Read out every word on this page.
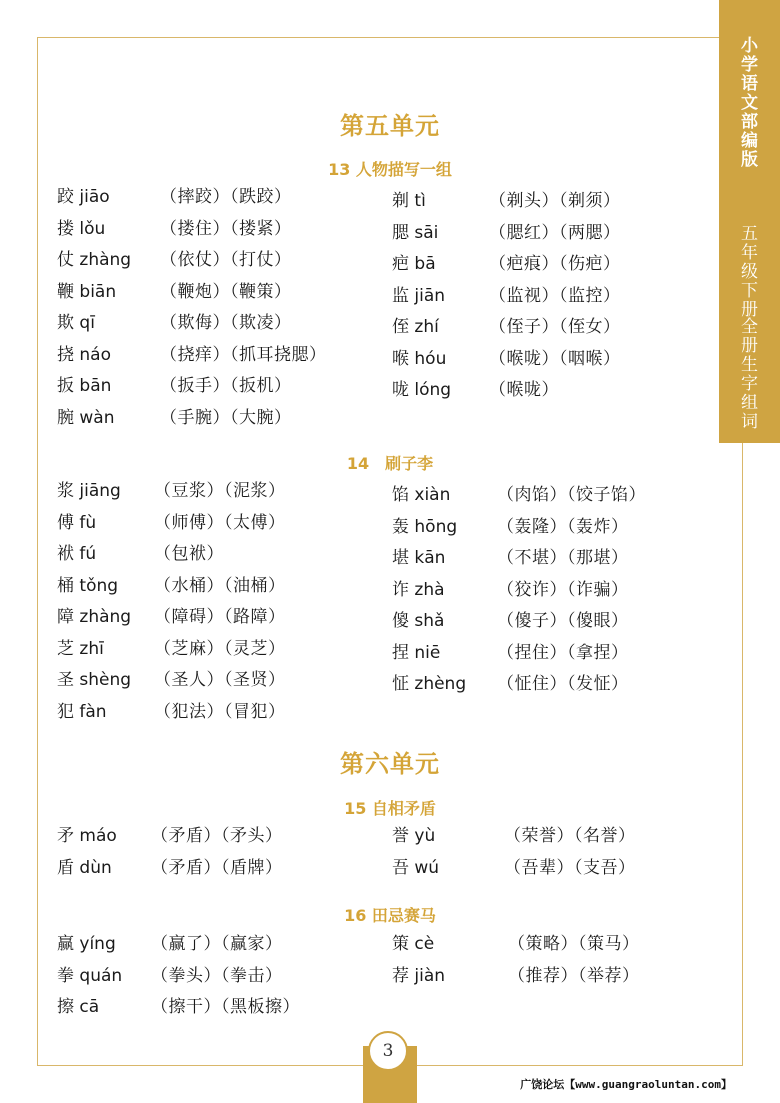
小学语文部编版
五年级下册
全册生字组词
第五单元
13 人物描写一组
跤 jiāo	（摔跤）（跌跤）
搂 lǒu	（搂住）（搂紧）
仗 zhàng （依仗）（打仗）
鞭 biān	（鞭炮）（鞭策）
欺 qī	（欺侮）（欺凌）
挠 náo	（挠痒）（抓耳挠腮）
扳 bān	（扳手）（扳机）
腕 wàn	（手腕）（大腕）
剃 tì	（剃头）（剃须）
腮 sāi	（腮红）（两腮）
疤 bā	（疤痕）（伤疤）
监 jiān	（监视）（监控）
侄 zhí	（侄子）（侄女）
喉 hóu	（喉咙）（咽喉）
咙 lóng （喉咙）
14　刷子李
浆 jiāng （豆浆）（泥浆）
傅 fù	（师傅）（太傅）
袱 fú	（包袱）
桶 tǒng （水桶）（油桶）
障 zhàng （障碍）（路障）
芝 zhī	（芝麻）（灵芝）
圣 shèng （圣人）（圣贤）
犯 fàn	（犯法）（冒犯）
馅 xiàn	（肉馅）（饺子馅）
轰 hōng （轰隆）（轰炸）
堪 kān	（不堪）（那堪）
诈 zhà	（狡诈）（诈骗）
傻 shǎ	（傻子）（傻眼）
捏 niē	（捏住）（拿捏）
怔 zhèng （怔住）（发怔）
第六单元
15 自相矛盾
矛 máo （矛盾）（矛头）
盾 dùn （矛盾）（盾牌）
誉 yù	（荣誉）（名誉）
吾 wú	（吾辈）（支吾）
16 田忌赛马
赢 yíng （赢了）（赢家）
拳 quán （拳头）（拳击）
擦 cā	（擦干）（黑板擦）
策 cè	（策略）（策马）
荐 jiàn	（推荐）（举荐）
3
广饶论坛【www.guangraoluntan.com】
